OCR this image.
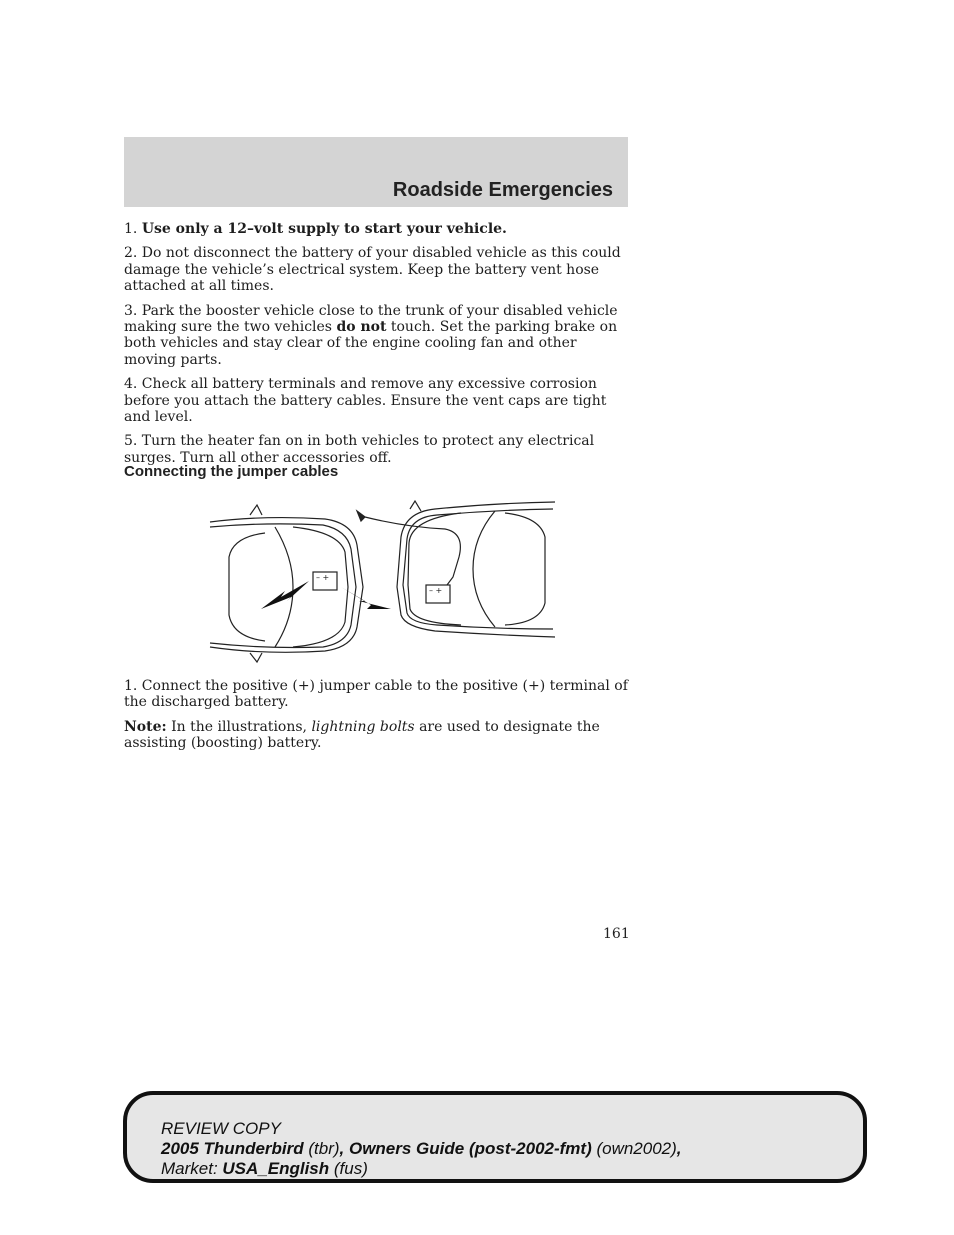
Roadside Emergencies

1. Use only a 12–volt supply to start your vehicle.

2. Do not disconnect the battery of your disabled vehicle as this could damage the vehicle’s electrical system. Keep the battery vent hose attached at all times.

3. Park the booster vehicle close to the trunk of your disabled vehicle making sure the two vehicles do not touch. Set the parking brake on both vehicles and stay clear of the engine cooling fan and other moving parts.

4. Check all battery terminals and remove any excessive corrosion before you attach the battery cables. Ensure the vent caps are tight and level.

5. Turn the heater fan on in both vehicles to protect any electrical surges. Turn all other accessories off.

Connecting the jumper cables
– +
– +

1. Connect the positive (+) jumper cable to the positive (+) terminal of the discharged battery.

Note: In the illustrations, lightning bolts are used to designate the assisting (boosting) battery.

161
REVIEW COPY
2005 Thunderbird (tbr), Owners Guide (post-2002-fmt) (own2002),
Market: USA_English (fus)
